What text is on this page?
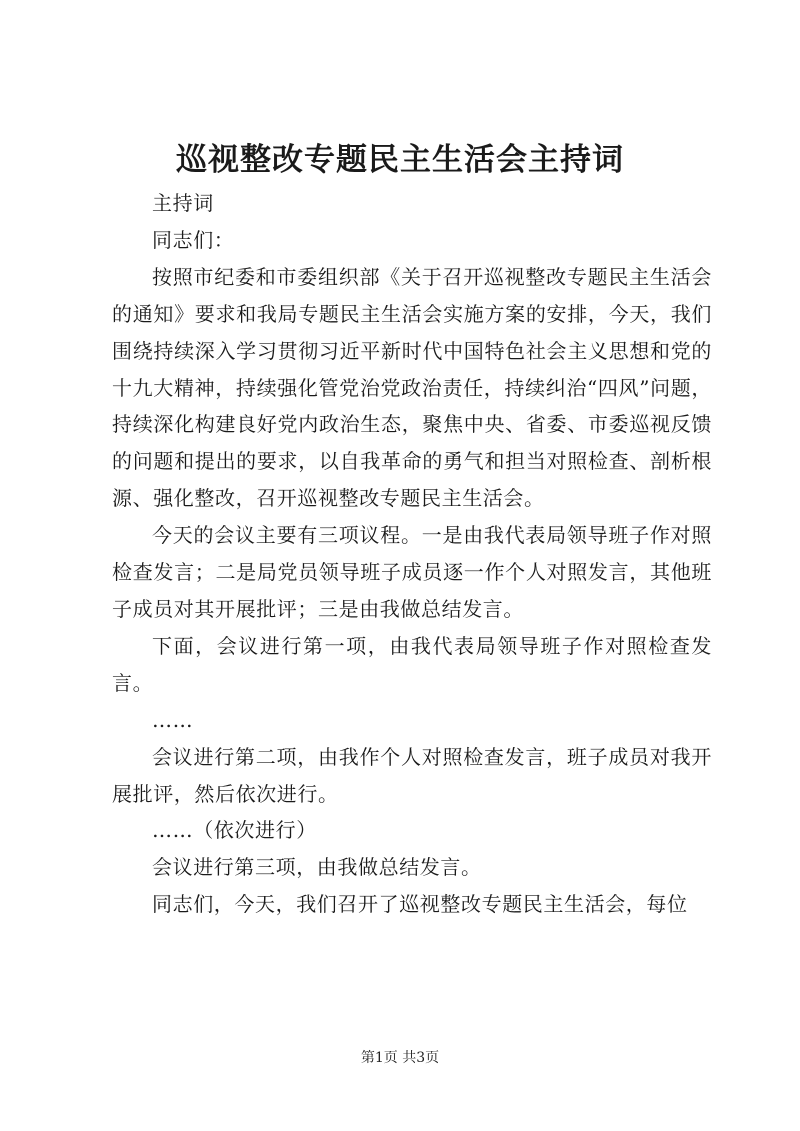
巡视整改专题民主生活会主持词

主持词

同志们：

按照市纪委和市委组织部《关于召开巡视整改专题民主生活会的通知》要求和我局专题民主生活会实施方案的安排，今天，我们围绕持续深入学习贯彻习近平新时代中国特色社会主义思想和党的十九大精神，持续强化管党治党政治责任，持续纠治“四风”问题，持续深化构建良好党内政治生态，聚焦中央、省委、市委巡视反馈的问题和提出的要求，以自我革命的勇气和担当对照检查、剖析根源、强化整改，召开巡视整改专题民主生活会。

今天的会议主要有三项议程。一是由我代表局领导班子作对照检查发言；二是局党员领导班子成员逐一作个人对照发言，其他班子成员对其开展批评；三是由我做总结发言。

下面，会议进行第一项，由我代表局领导班子作对照检查发言。

……

会议进行第二项，由我作个人对照检查发言，班子成员对我开展批评，然后依次进行。

……（依次进行）

会议进行第三项，由我做总结发言。

同志们，今天，我们召开了巡视整改专题民主生活会，每位

第1页 共3页
